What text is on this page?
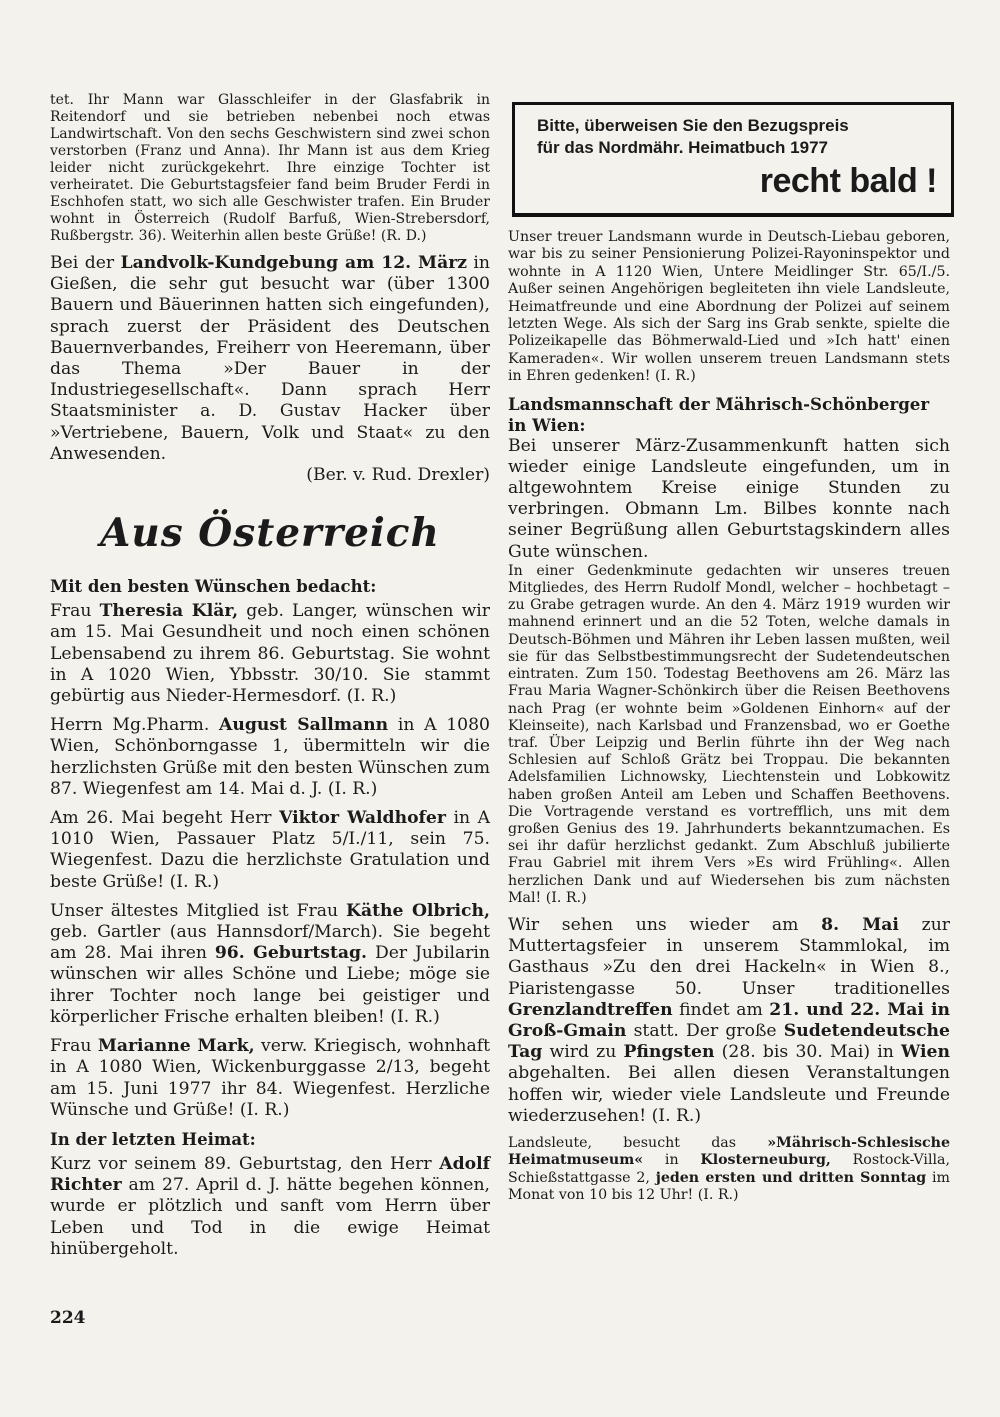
tet. Ihr Mann war Glasschleifer in der Glasfabrik in Reitendorf und sie betrieben nebenbei noch etwas Landwirtschaft. Von den sechs Geschwistern sind zwei schon verstorben (Franz und Anna). Ihr Mann ist aus dem Krieg leider nicht zurückgekehrt. Ihre einzige Tochter ist verheiratet. Die Geburtstagsfeier fand beim Bruder Ferdi in Eschhofen statt, wo sich alle Geschwister trafen. Ein Bruder wohnt in Österreich (Rudolf Barfuß, Wien-Strebersdorf, Rußbergstr. 36). Weiterhin allen beste Grüße! (R. D.)

Bei der Landvolk-Kundgebung am 12. März in Gießen, die sehr gut besucht war (über 1300 Bauern und Bäuerinnen hatten sich eingefunden), sprach zuerst der Präsident des Deutschen Bauernverbandes, Freiherr von Heeremann, über das Thema »Der Bauer in der Industriegesellschaft«. Dann sprach Herr Staatsminister a. D. Gustav Hacker über »Vertriebene, Bauern, Volk und Staat« zu den Anwesenden.

(Ber. v. Rud. Drexler)

Aus Österreich
Mit den besten Wünschen bedacht:

Frau Theresia Klär, geb. Langer, wünschen wir am 15. Mai Gesundheit und noch einen schönen Lebensabend zu ihrem 86. Geburtstag. Sie wohnt in A 1020 Wien, Ybbsstr. 30/10. Sie stammt gebürtig aus Nieder-Hermesdorf. (I. R.)

Herrn Mg.Pharm. August Sallmann in A 1080 Wien, Schönborngasse 1, übermitteln wir die herzlichsten Grüße mit den besten Wünschen zum 87. Wiegenfest am 14. Mai d. J. (I. R.)

Am 26. Mai begeht Herr Viktor Waldhofer in A 1010 Wien, Passauer Platz 5/I./11, sein 75. Wiegenfest. Dazu die herzlichste Gratulation und beste Grüße! (I. R.)

Unser ältestes Mitglied ist Frau Käthe Olbrich, geb. Gartler (aus Hannsdorf/March). Sie begeht am 28. Mai ihren 96. Geburtstag. Der Jubilarin wünschen wir alles Schöne und Liebe; möge sie ihrer Tochter noch lange bei geistiger und körperlicher Frische erhalten bleiben! (I. R.)

Frau Marianne Mark, verw. Kriegisch, wohnhaft in A 1080 Wien, Wickenburggasse 2/13, begeht am 15. Juni 1977 ihr 84. Wiegenfest. Herzliche Wünsche und Grüße! (I. R.)

In der letzten Heimat:

Kurz vor seinem 89. Geburtstag, den Herr Adolf Richter am 27. April d. J. hätte begehen können, wurde er plötzlich und sanft vom Herrn über Leben und Tod in die ewige Heimat hinübergeholt.

Bitte, überweisen Sie den Bezugspreis
für das Nordmähr. Heimatbuch 1977
recht bald !

Unser treuer Landsmann wurde in Deutsch-Liebau geboren, war bis zu seiner Pensionierung Polizei-Rayoninspektor und wohnte in A 1120 Wien, Untere Meidlinger Str. 65/I./5. Außer seinen Angehörigen begleiteten ihn viele Landsleute, Heimatfreunde und eine Abordnung der Polizei auf seinem letzten Wege. Als sich der Sarg ins Grab senkte, spielte die Polizeikapelle das Böhmerwald-Lied und »Ich hatt' einen Kameraden«. Wir wollen unserem treuen Landsmann stets in Ehren gedenken! (I. R.)

Landsmannschaft der Mährisch-Schönberger in Wien:

Bei unserer März-Zusammenkunft hatten sich wieder einige Landsleute eingefunden, um in altgewohntem Kreise einige Stunden zu verbringen. Obmann Lm. Bilbes konnte nach seiner Begrüßung allen Geburtstagskindern alles Gute wünschen.

In einer Gedenkminute gedachten wir unseres treuen Mitgliedes, des Herrn Rudolf Mondl, welcher – hochbetagt – zu Grabe getragen wurde. An den 4. März 1919 wurden wir mahnend erinnert und an die 52 Toten, welche damals in Deutsch-Böhmen und Mähren ihr Leben lassen mußten, weil sie für das Selbstbestimmungsrecht der Sudetendeutschen eintraten. Zum 150. Todestag Beethovens am 26. März las Frau Maria Wagner-Schönkirch über die Reisen Beethovens nach Prag (er wohnte beim »Goldenen Einhorn« auf der Kleinseite), nach Karlsbad und Franzensbad, wo er Goethe traf. Über Leipzig und Berlin führte ihn der Weg nach Schlesien auf Schloß Grätz bei Troppau. Die bekannten Adelsfamilien Lichnowsky, Liechtenstein und Lobkowitz haben großen Anteil am Leben und Schaffen Beethovens. Die Vortragende verstand es vortrefflich, uns mit dem großen Genius des 19. Jahrhunderts bekanntzumachen. Es sei ihr dafür herzlichst gedankt. Zum Abschluß jubilierte Frau Gabriel mit ihrem Vers »Es wird Frühling«. Allen herzlichen Dank und auf Wiedersehen bis zum nächsten Mal! (I. R.)

Wir sehen uns wieder am 8. Mai zur Muttertagsfeier in unserem Stammlokal, im Gasthaus »Zu den drei Hackeln« in Wien 8., Piaristengasse 50. Unser traditionelles Grenzlandtreffen findet am 21. und 22. Mai in Groß-Gmain statt. Der große Sudetendeutsche Tag wird zu Pfingsten (28. bis 30. Mai) in Wien abgehalten. Bei allen diesen Veranstaltungen hoffen wir, wieder viele Landsleute und Freunde wiederzusehen! (I. R.)

Landsleute, besucht das »Mährisch-Schlesische Heimatmuseum« in Klosterneuburg, Rostock-Villa, Schießstattgasse 2, jeden ersten und dritten Sonntag im Monat von 10 bis 12 Uhr! (I. R.)

224
